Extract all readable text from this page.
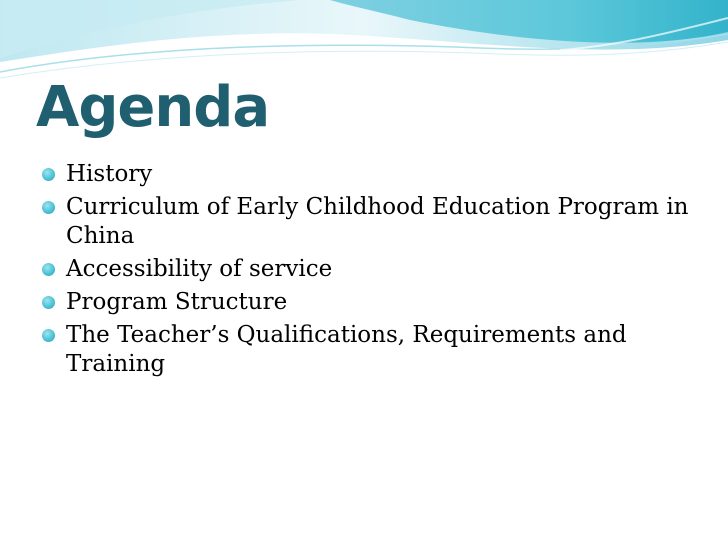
Agenda
History
Curriculum of Early Childhood Education Program in China
Accessibility of service
Program Structure
The Teacher’s Qualifications, Requirements and Training
